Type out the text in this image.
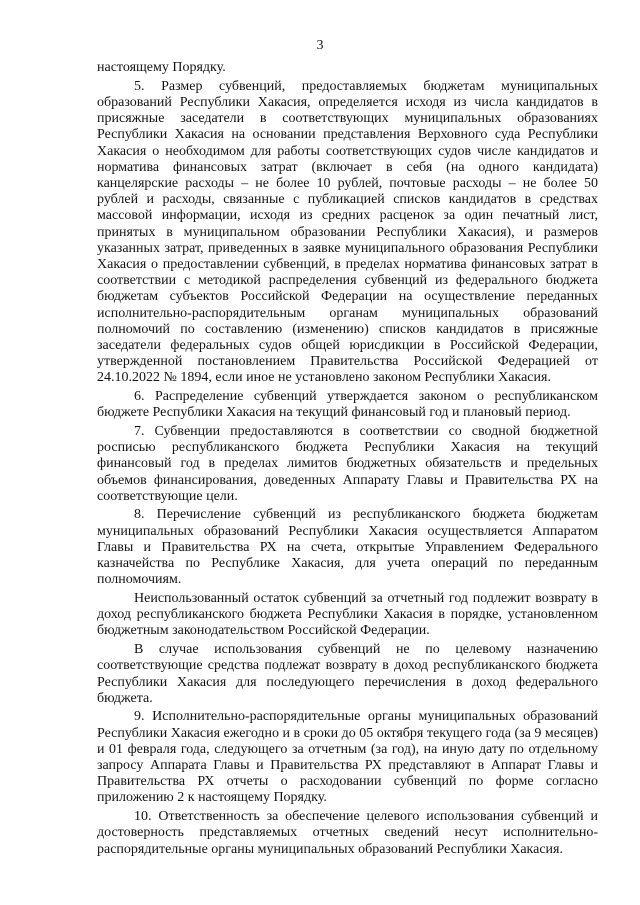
3

настоящему Порядку.

5. Размер субвенций, предоставляемых бюджетам муниципальных образований Республики Хакасия, определяется исходя из числа кандидатов в присяжные заседатели в соответствующих муниципальных образованиях Республики Хакасия на основании представления Верховного суда Республики Хакасия о необходимом для работы соответствующих судов числе кандидатов и норматива финансовых затрат (включает в себя (на одного кандидата) канцелярские расходы – не более 10 рублей, почтовые расходы – не более 50 рублей и расходы, связанные с публикацией списков кандидатов в средствах массовой информации, исходя из средних расценок за один печатный лист, принятых в муниципальном образовании Республики Хакасия), и размеров указанных затрат, приведенных в заявке муниципального образования Республики Хакасия о предоставлении субвенций, в пределах норматива финансовых затрат в соответствии с методикой распределения субвенций из федерального бюджета бюджетам субъектов Российской Федерации на осуществление переданных исполнительно-распорядительным органам муниципальных образований полномочий по составлению (изменению) списков кандидатов в присяжные заседатели федеральных судов общей юрисдикции в Российской Федерации, утвержденной постановлением Правительства Российской Федерацией от 24.10.2022 № 1894, если иное не установлено законом Республики Хакасия.

6. Распределение субвенций утверждается законом о республиканском бюджете Республики Хакасия на текущий финансовый год и плановый период.

7. Субвенции предоставляются в соответствии со сводной бюджетной росписью республиканского бюджета Республики Хакасия на текущий финансовый год в пределах лимитов бюджетных обязательств и предельных объемов финансирования, доведенных Аппарату Главы и Правительства РХ на соответствующие цели.

8. Перечисление субвенций из республиканского бюджета бюджетам муниципальных образований Республики Хакасия осуществляется Аппаратом Главы и Правительства РХ на счета, открытые Управлением Федерального казначейства по Республике Хакасия, для учета операций по переданным полномочиям.

Неиспользованный остаток субвенций за отчетный год подлежит возврату в доход республиканского бюджета Республики Хакасия в порядке, установленном бюджетным законодательством Российской Федерации.

В случае использования субвенций не по целевому назначению соответствующие средства подлежат возврату в доход республиканского бюджета Республики Хакасия для последующего перечисления в доход федерального бюджета.

9. Исполнительно-распорядительные органы муниципальных образований Республики Хакасия ежегодно и в сроки до 05 октября текущего года (за 9 месяцев) и 01 февраля года, следующего за отчетным (за год), на иную дату по отдельному запросу Аппарата Главы и Правительства РХ представляют в Аппарат Главы и Правительства РХ отчеты о расходовании субвенций по форме согласно приложению 2 к настоящему Порядку.

10. Ответственность за обеспечение целевого использования субвенций и достоверность представляемых отчетных сведений несут исполнительно-распорядительные органы муниципальных образований Республики Хакасия.
